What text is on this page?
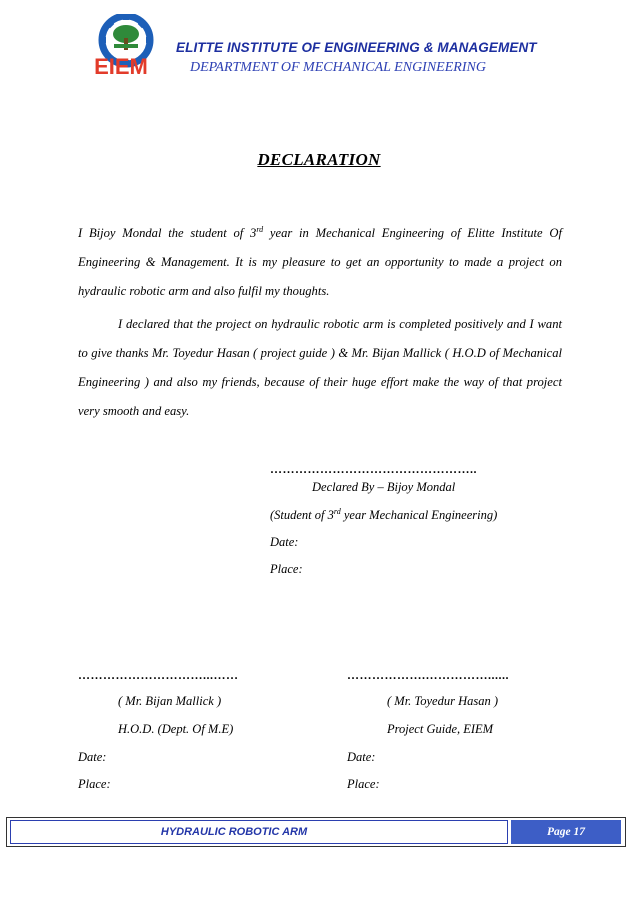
EIEM
ELITTE INSTITUTE OF ENGINEERING & MANAGEMENT
DEPARTMENT OF MECHANICAL ENGINEERING
DECLARATION
I Bijoy Mondal the student of 3rd year in Mechanical Engineering of Elitte Institute Of Engineering & Management. It is my pleasure to get an opportunity to made a project on hydraulic robotic arm and also fulfil my thoughts.
I declared that the project on hydraulic robotic arm is completed positively and I want to give thanks Mr. Toyedur Hasan ( project guide ) & Mr. Bijan Mallick ( H.O.D of Mechanical Engineering ) and also my friends, because of their huge effort make the way of that project very smooth and easy.
…………………………………………..
Declared By – Bijoy Mondal
(Student of 3rd year Mechanical Engineering)
Date:
Place:
…………………………...……
( Mr. Bijan Mallick )
H.O.D. (Dept. Of M.E)
Date:
Place:
……………….……………......
( Mr. Toyedur Hasan )
Project Guide, EIEM
Date:
Place:
HYDRAULIC ROBOTIC ARM	Page 17
